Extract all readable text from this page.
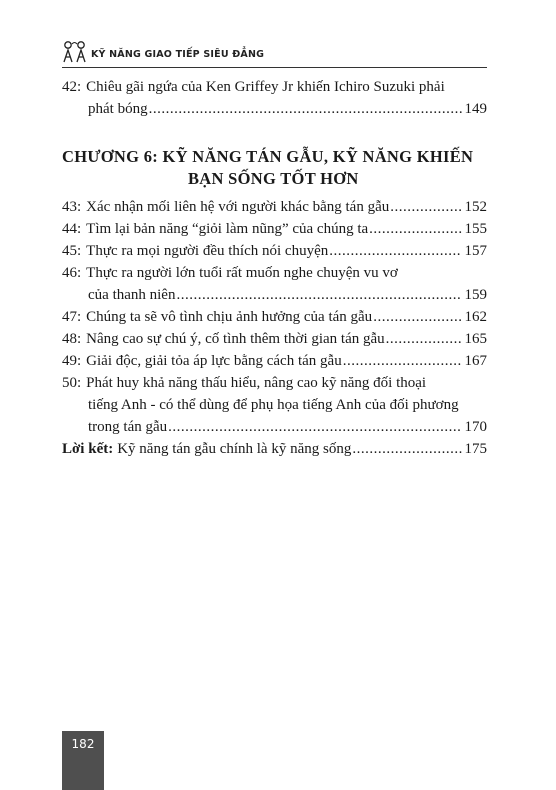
KỸ NĂNG GIAO TIẾP SIÊU ĐẲNG
42: Chiêu gãi ngứa của Ken Griffey Jr khiến Ichiro Suzuki phải
phát bóng .....	149
CHƯƠNG 6: KỸ NĂNG TÁN GẪU, KỸ NĂNG KHIẾN
BẠN SỐNG TỐT HƠN
43: Xác nhận mối liên hệ với người khác bằng tán gẫu .....	152
44: Tìm lại bản năng “giỏi làm nũng” của chúng ta .....	155
45: Thực ra mọi người đều thích nói chuyện .....	157
46: Thực ra người lớn tuổi rất muốn nghe chuyện vu vơ
của thanh niên .....	159
47: Chúng ta sẽ vô tình chịu ảnh hưởng của tán gẫu .....	162
48: Nâng cao sự chú ý, cố tình thêm thời gian tán gẫu .....	165
49: Giải độc, giải tỏa áp lực bằng cách tán gẫu .....	167
50: Phát huy khả năng thấu hiểu, nâng cao kỹ năng đối thoại
tiếng Anh - có thể dùng để phụ họa tiếng Anh của đối phương
trong tán gẫu .....	170
Lời kết: Kỹ năng tán gẫu chính là kỹ năng sống .....	175
182
